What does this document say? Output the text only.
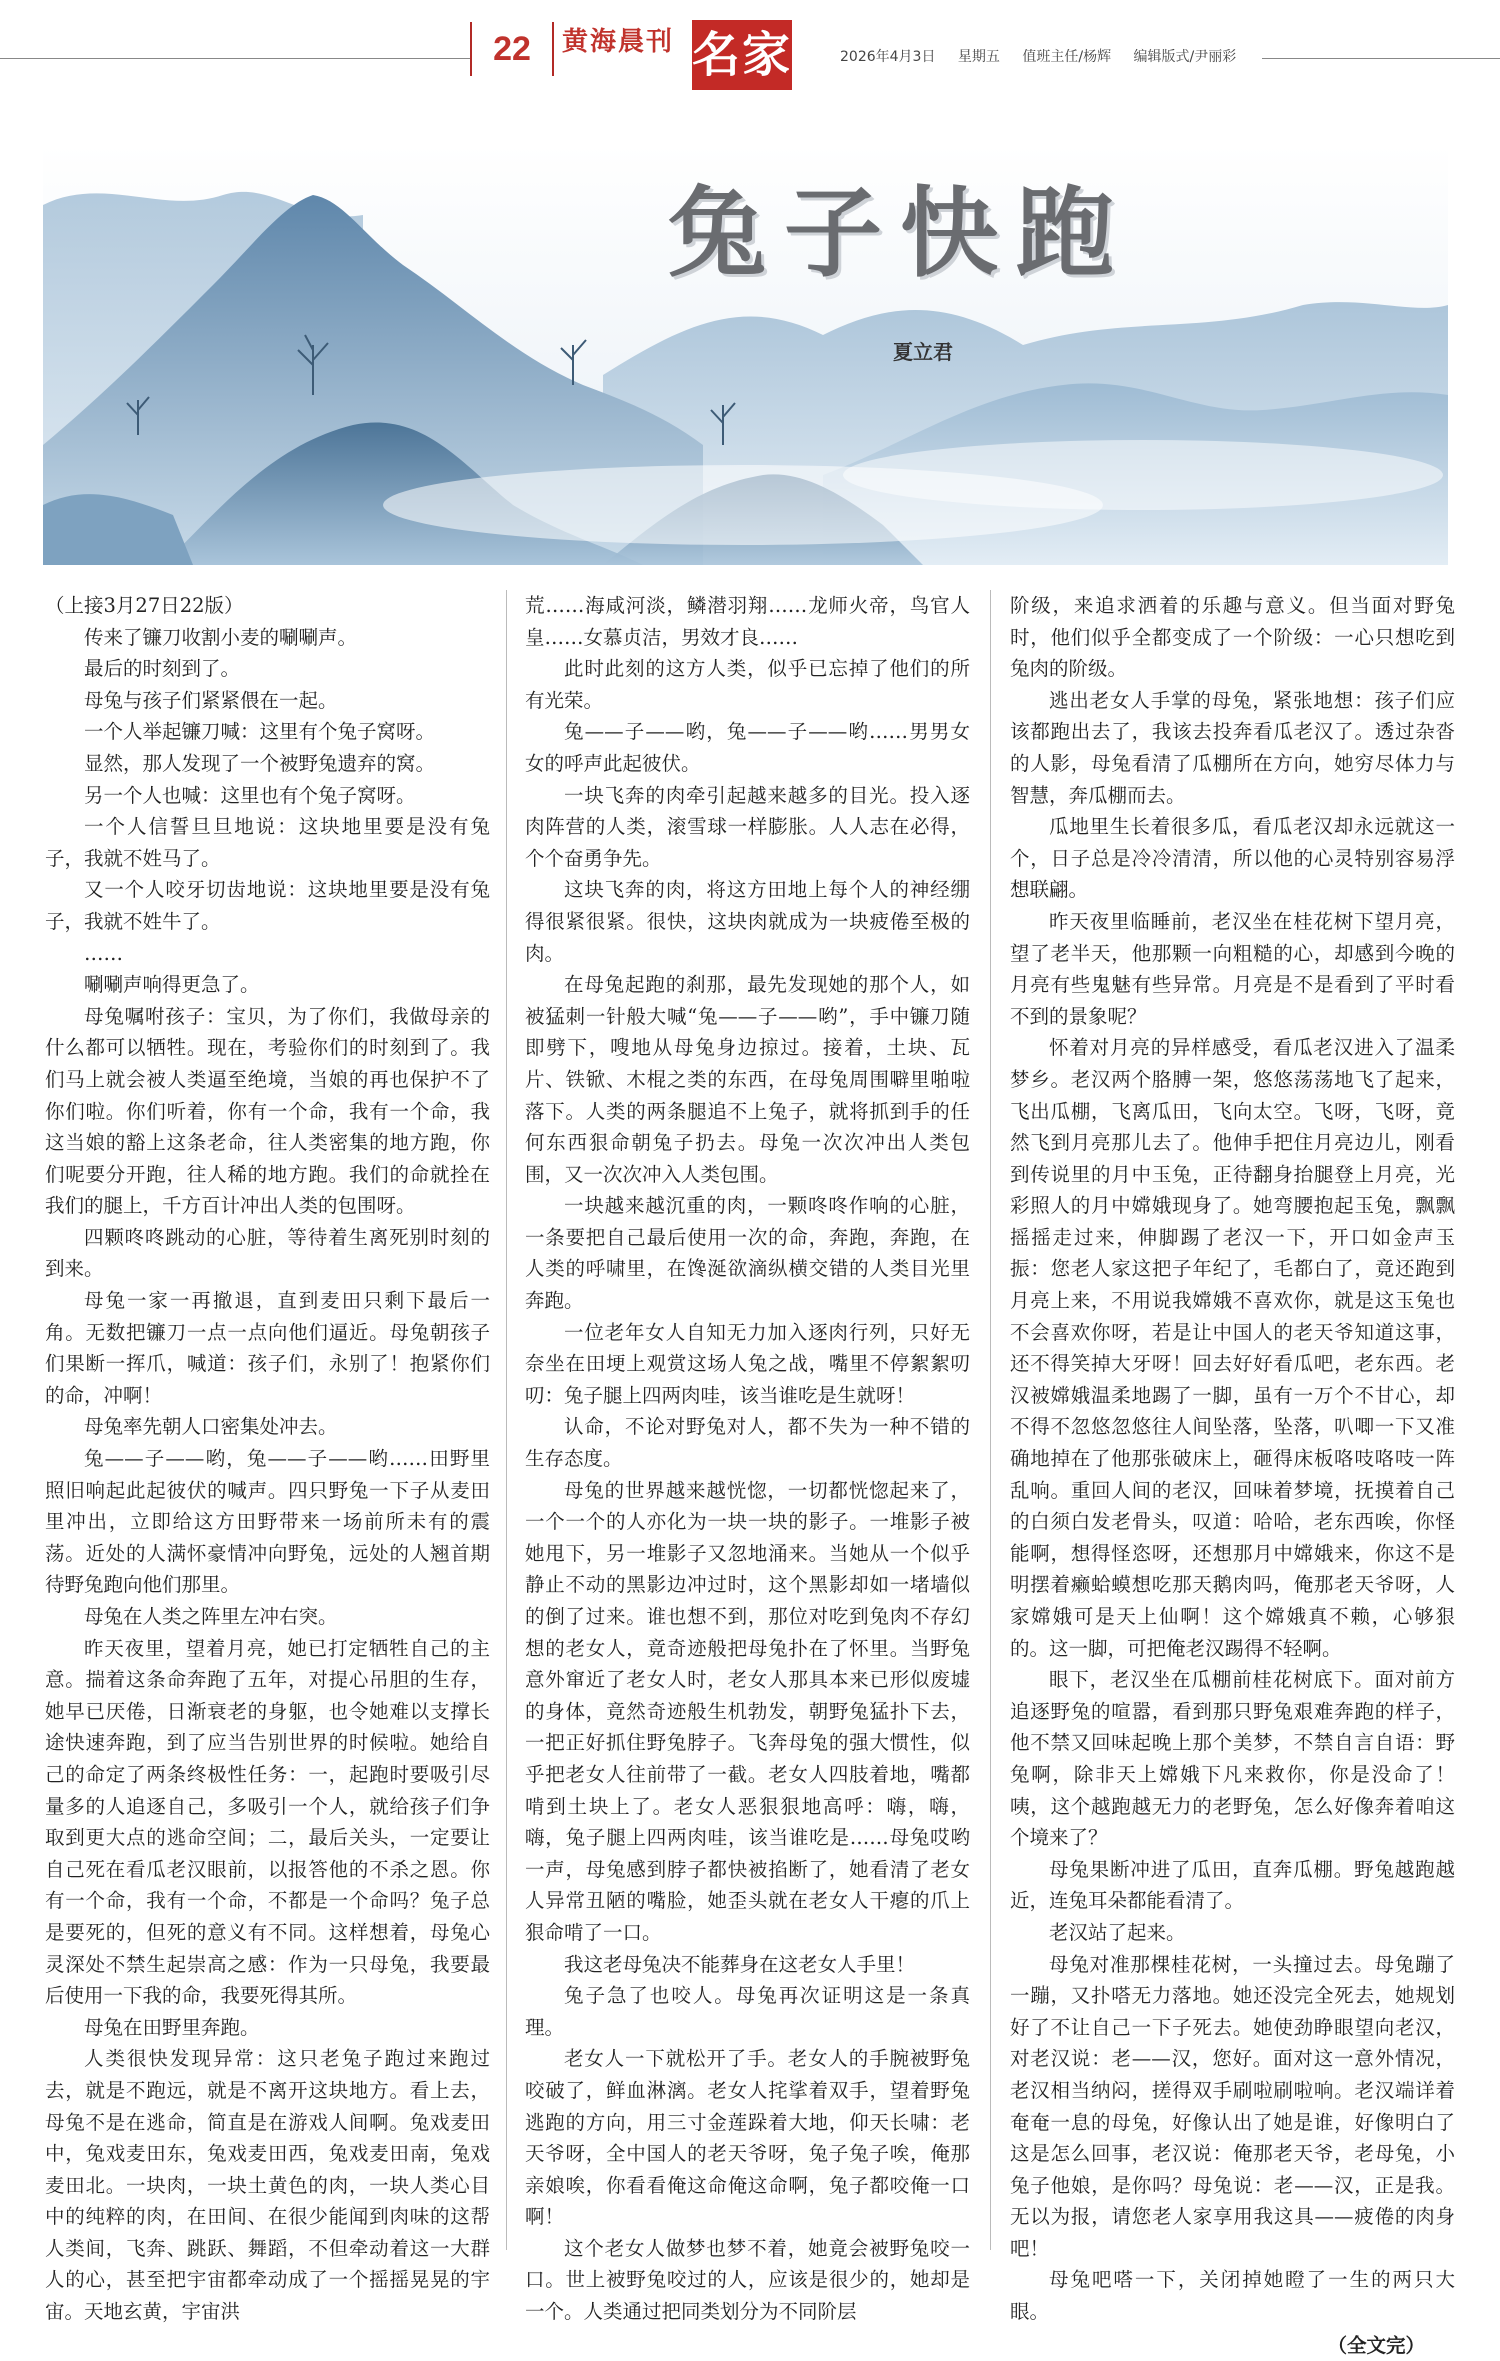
22	黄海晨刊 名家	2026年4月3日 星期五 值班主任/杨辉 编辑版式/尹丽彩
兔子快跑
夏立君

（上接3月27日22版）

传来了镰刀收割小麦的唰唰声。

最后的时刻到了。

母兔与孩子们紧紧偎在一起。

一个人举起镰刀喊：这里有个兔子窝呀。

显然，那人发现了一个被野兔遗弃的窝。

另一个人也喊：这里也有个兔子窝呀。

一个人信誓旦旦地说：这块地里要是没有兔子，我就不姓马了。

又一个人咬牙切齿地说：这块地里要是没有兔子，我就不姓牛了。

……

唰唰声响得更急了。

母兔嘱咐孩子：宝贝，为了你们，我做母亲的什么都可以牺牲。现在，考验你们的时刻到了。我们马上就会被人类逼至绝境，当娘的再也保护不了你们啦。你们听着，你有一个命，我有一个命，我这当娘的豁上这条老命，往人类密集的地方跑，你们呢要分开跑，往人稀的地方跑。我们的命就拴在我们的腿上，千方百计冲出人类的包围呀。

四颗咚咚跳动的心脏，等待着生离死别时刻的到来。

母兔一家一再撤退，直到麦田只剩下最后一角。无数把镰刀一点一点向他们逼近。母兔朝孩子们果断一挥爪，喊道：孩子们，永别了！抱紧你们的命，冲啊！

母兔率先朝人口密集处冲去。

兔——子——哟，兔——子——哟……田野里照旧响起此起彼伏的喊声。四只野兔一下子从麦田里冲出，立即给这方田野带来一场前所未有的震荡。近处的人满怀豪情冲向野兔，远处的人翘首期待野兔跑向他们那里。

母兔在人类之阵里左冲右突。

昨天夜里，望着月亮，她已打定牺牲自己的主意。揣着这条命奔跑了五年，对提心吊胆的生存，她早已厌倦，日渐衰老的身躯，也令她难以支撑长途快速奔跑，到了应当告别世界的时候啦。她给自己的命定了两条终极性任务：一，起跑时要吸引尽量多的人追逐自己，多吸引一个人，就给孩子们争取到更大点的逃命空间；二，最后关头，一定要让自己死在看瓜老汉眼前，以报答他的不杀之恩。你有一个命，我有一个命，不都是一个命吗？兔子总是要死的，但死的意义有不同。这样想着，母兔心灵深处不禁生起崇高之感：作为一只母兔，我要最后使用一下我的命，我要死得其所。

母兔在田野里奔跑。

人类很快发现异常：这只老兔子跑过来跑过去，就是不跑远，就是不离开这块地方。看上去，母兔不是在逃命，简直是在游戏人间啊。兔戏麦田中，兔戏麦田东，兔戏麦田西，兔戏麦田南，兔戏麦田北。一块肉，一块土黄色的肉，一块人类心目中的纯粹的肉，在田间、在很少能闻到肉味的这帮人类间，飞奔、跳跃、舞蹈，不但牵动着这一大群人的心，甚至把宇宙都牵动成了一个摇摇晃晃的宇宙。天地玄黄，宇宙洪

荒……海咸河淡，鳞潜羽翔……龙师火帝，鸟官人皇……女慕贞洁，男效才良……

此时此刻的这方人类，似乎已忘掉了他们的所有光荣。

兔——子——哟，兔——子——哟……男男女女的呼声此起彼伏。

一块飞奔的肉牵引起越来越多的目光。投入逐肉阵营的人类，滚雪球一样膨胀。人人志在必得，个个奋勇争先。

这块飞奔的肉，将这方田地上每个人的神经绷得很紧很紧。很快，这块肉就成为一块疲倦至极的肉。

在母兔起跑的刹那，最先发现她的那个人，如被猛刺一针般大喊“兔——子——哟”，手中镰刀随即劈下，嗖地从母兔身边掠过。接着，土块、瓦片、铁锨、木棍之类的东西，在母兔周围噼里啪啦落下。人类的两条腿追不上兔子，就将抓到手的任何东西狠命朝兔子扔去。母兔一次次冲出人类包围，又一次次冲入人类包围。

一块越来越沉重的肉，一颗咚咚作响的心脏，一条要把自己最后使用一次的命，奔跑，奔跑，在人类的呼啸里，在馋涎欲滴纵横交错的人类目光里奔跑。

一位老年女人自知无力加入逐肉行列，只好无奈坐在田埂上观赏这场人兔之战，嘴里不停絮絮叨叨：兔子腿上四两肉哇，该当谁吃是生就呀！

认命，不论对野兔对人，都不失为一种不错的生存态度。

母兔的世界越来越恍惚，一切都恍惚起来了，一个一个的人亦化为一块一块的影子。一堆影子被她甩下，另一堆影子又忽地涌来。当她从一个似乎静止不动的黑影边冲过时，这个黑影却如一堵墙似的倒了过来。谁也想不到，那位对吃到兔肉不存幻想的老女人，竟奇迹般把母兔扑在了怀里。当野兔意外窜近了老女人时，老女人那具本来已形似废墟的身体，竟然奇迹般生机勃发，朝野兔猛扑下去，一把正好抓住野兔脖子。飞奔母兔的强大惯性，似乎把老女人往前带了一截。老女人四肢着地，嘴都啃到土块上了。老女人恶狠狠地高呼：嗨，嗨，嗨，兔子腿上四两肉哇，该当谁吃是……母兔哎哟一声，母兔感到脖子都快被掐断了，她看清了老女人异常丑陋的嘴脸，她歪头就在老女人干瘪的爪上狠命啃了一口。

我这老母兔决不能葬身在这老女人手里！

兔子急了也咬人。母兔再次证明这是一条真理。

老女人一下就松开了手。老女人的手腕被野兔咬破了，鲜血淋漓。老女人挓挲着双手，望着野兔逃跑的方向，用三寸金莲跺着大地，仰天长啸：老天爷呀，全中国人的老天爷呀，兔子兔子唉，俺那亲娘唉，你看看俺这命俺这命啊，兔子都咬俺一口啊！

这个老女人做梦也梦不着，她竟会被野兔咬一口。世上被野兔咬过的人，应该是很少的，她却是一个。人类通过把同类划分为不同阶层

阶级，来追求洒着的乐趣与意义。但当面对野兔时，他们似乎全都变成了一个阶级：一心只想吃到兔肉的阶级。

逃出老女人手掌的母兔，紧张地想：孩子们应该都跑出去了，我该去投奔看瓜老汉了。透过杂沓的人影，母兔看清了瓜棚所在方向，她穷尽体力与智慧，奔瓜棚而去。

瓜地里生长着很多瓜，看瓜老汉却永远就这一个，日子总是冷冷清清，所以他的心灵特别容易浮想联翩。

昨天夜里临睡前，老汉坐在桂花树下望月亮，望了老半天，他那颗一向粗糙的心，却感到今晚的月亮有些鬼魅有些异常。月亮是不是看到了平时看不到的景象呢？

怀着对月亮的异样感受，看瓜老汉进入了温柔梦乡。老汉两个胳膊一架，悠悠荡荡地飞了起来，飞出瓜棚，飞离瓜田，飞向太空。飞呀，飞呀，竟然飞到月亮那儿去了。他伸手把住月亮边儿，刚看到传说里的月中玉兔，正待翻身抬腿登上月亮，光彩照人的月中嫦娥现身了。她弯腰抱起玉兔，飘飘摇摇走过来，伸脚踢了老汉一下，开口如金声玉振：您老人家这把子年纪了，毛都白了，竟还跑到月亮上来，不用说我嫦娥不喜欢你，就是这玉兔也不会喜欢你呀，若是让中国人的老天爷知道这事，还不得笑掉大牙呀！回去好好看瓜吧，老东西。老汉被嫦娥温柔地踢了一脚，虽有一万个不甘心，却不得不忽悠忽悠往人间坠落，坠落，叭唧一下又准确地掉在了他那张破床上，砸得床板咯吱咯吱一阵乱响。重回人间的老汉，回味着梦境，抚摸着自己的白须白发老骨头，叹道：哈哈，老东西唉，你怪能啊，想得怪恣呀，还想那月中嫦娥来，你这不是明摆着癞蛤蟆想吃那天鹅肉吗，俺那老天爷呀，人家嫦娥可是天上仙啊！这个嫦娥真不赖，心够狠的。这一脚，可把俺老汉踢得不轻啊。

眼下，老汉坐在瓜棚前桂花树底下。面对前方追逐野兔的喧嚣，看到那只野兔艰难奔跑的样子，他不禁又回味起晚上那个美梦，不禁自言自语：野兔啊，除非天上嫦娥下凡来救你，你是没命了！咦，这个越跑越无力的老野兔，怎么好像奔着咱这个境来了？

母兔果断冲进了瓜田，直奔瓜棚。野兔越跑越近，连兔耳朵都能看清了。

老汉站了起来。

母兔对准那棵桂花树，一头撞过去。母兔蹦了一蹦，又扑嗒无力落地。她还没完全死去，她规划好了不让自己一下子死去。她使劲睁眼望向老汉，对老汉说：老——汉，您好。面对这一意外情况，老汉相当纳闷，搓得双手刷啦刷啦响。老汉端详着奄奄一息的母兔，好像认出了她是谁，好像明白了这是怎么回事，老汉说：俺那老天爷，老母兔，小兔子他娘，是你吗？母兔说：老——汉，正是我。无以为报，请您老人家享用我这具——疲倦的肉身吧！

母兔吧嗒一下，关闭掉她瞪了一生的两只大眼。

（全文完）
